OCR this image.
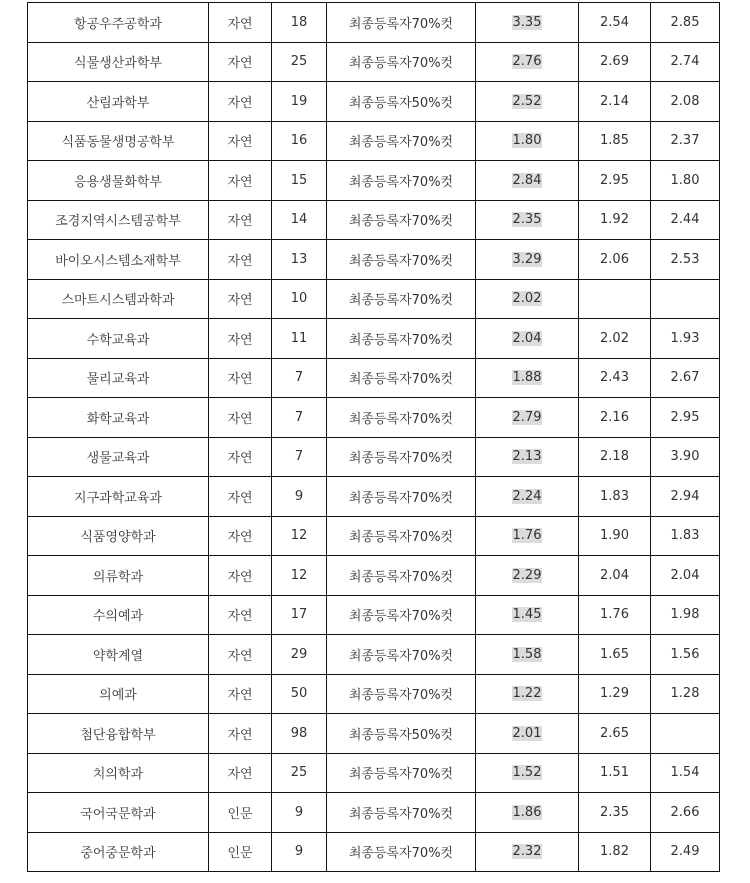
항공우주공학과	자연	18	최종등록자70%컷	3.35	2.54	2.85
식물생산과학부	자연	25	최종등록자70%컷	2.76	2.69	2.74
산림과학부	자연	19	최종등록자50%컷	2.52	2.14	2.08
식품동물생명공학부	자연	16	최종등록자70%컷	1.80	1.85	2.37
응용생물화학부	자연	15	최종등록자70%컷	2.84	2.95	1.80
조경지역시스템공학부	자연	14	최종등록자70%컷	2.35	1.92	2.44
바이오시스템소재학부	자연	13	최종등록자70%컷	3.29	2.06	2.53
스마트시스템과학과	자연	10	최종등록자70%컷	2.02		
수학교육과	자연	11	최종등록자70%컷	2.04	2.02	1.93
물리교육과	자연	7	최종등록자70%컷	1.88	2.43	2.67
화학교육과	자연	7	최종등록자70%컷	2.79	2.16	2.95
생물교육과	자연	7	최종등록자70%컷	2.13	2.18	3.90
지구과학교육과	자연	9	최종등록자70%컷	2.24	1.83	2.94
식품영양학과	자연	12	최종등록자70%컷	1.76	1.90	1.83
의류학과	자연	12	최종등록자70%컷	2.29	2.04	2.04
수의예과	자연	17	최종등록자70%컷	1.45	1.76	1.98
약학계열	자연	29	최종등록자70%컷	1.58	1.65	1.56
의예과	자연	50	최종등록자70%컷	1.22	1.29	1.28
첨단융합학부	자연	98	최종등록자50%컷	2.01	2.65	
치의학과	자연	25	최종등록자70%컷	1.52	1.51	1.54
국어국문학과	인문	9	최종등록자70%컷	1.86	2.35	2.66
중어중문학과	인문	9	최종등록자70%컷	2.32	1.82	2.49
